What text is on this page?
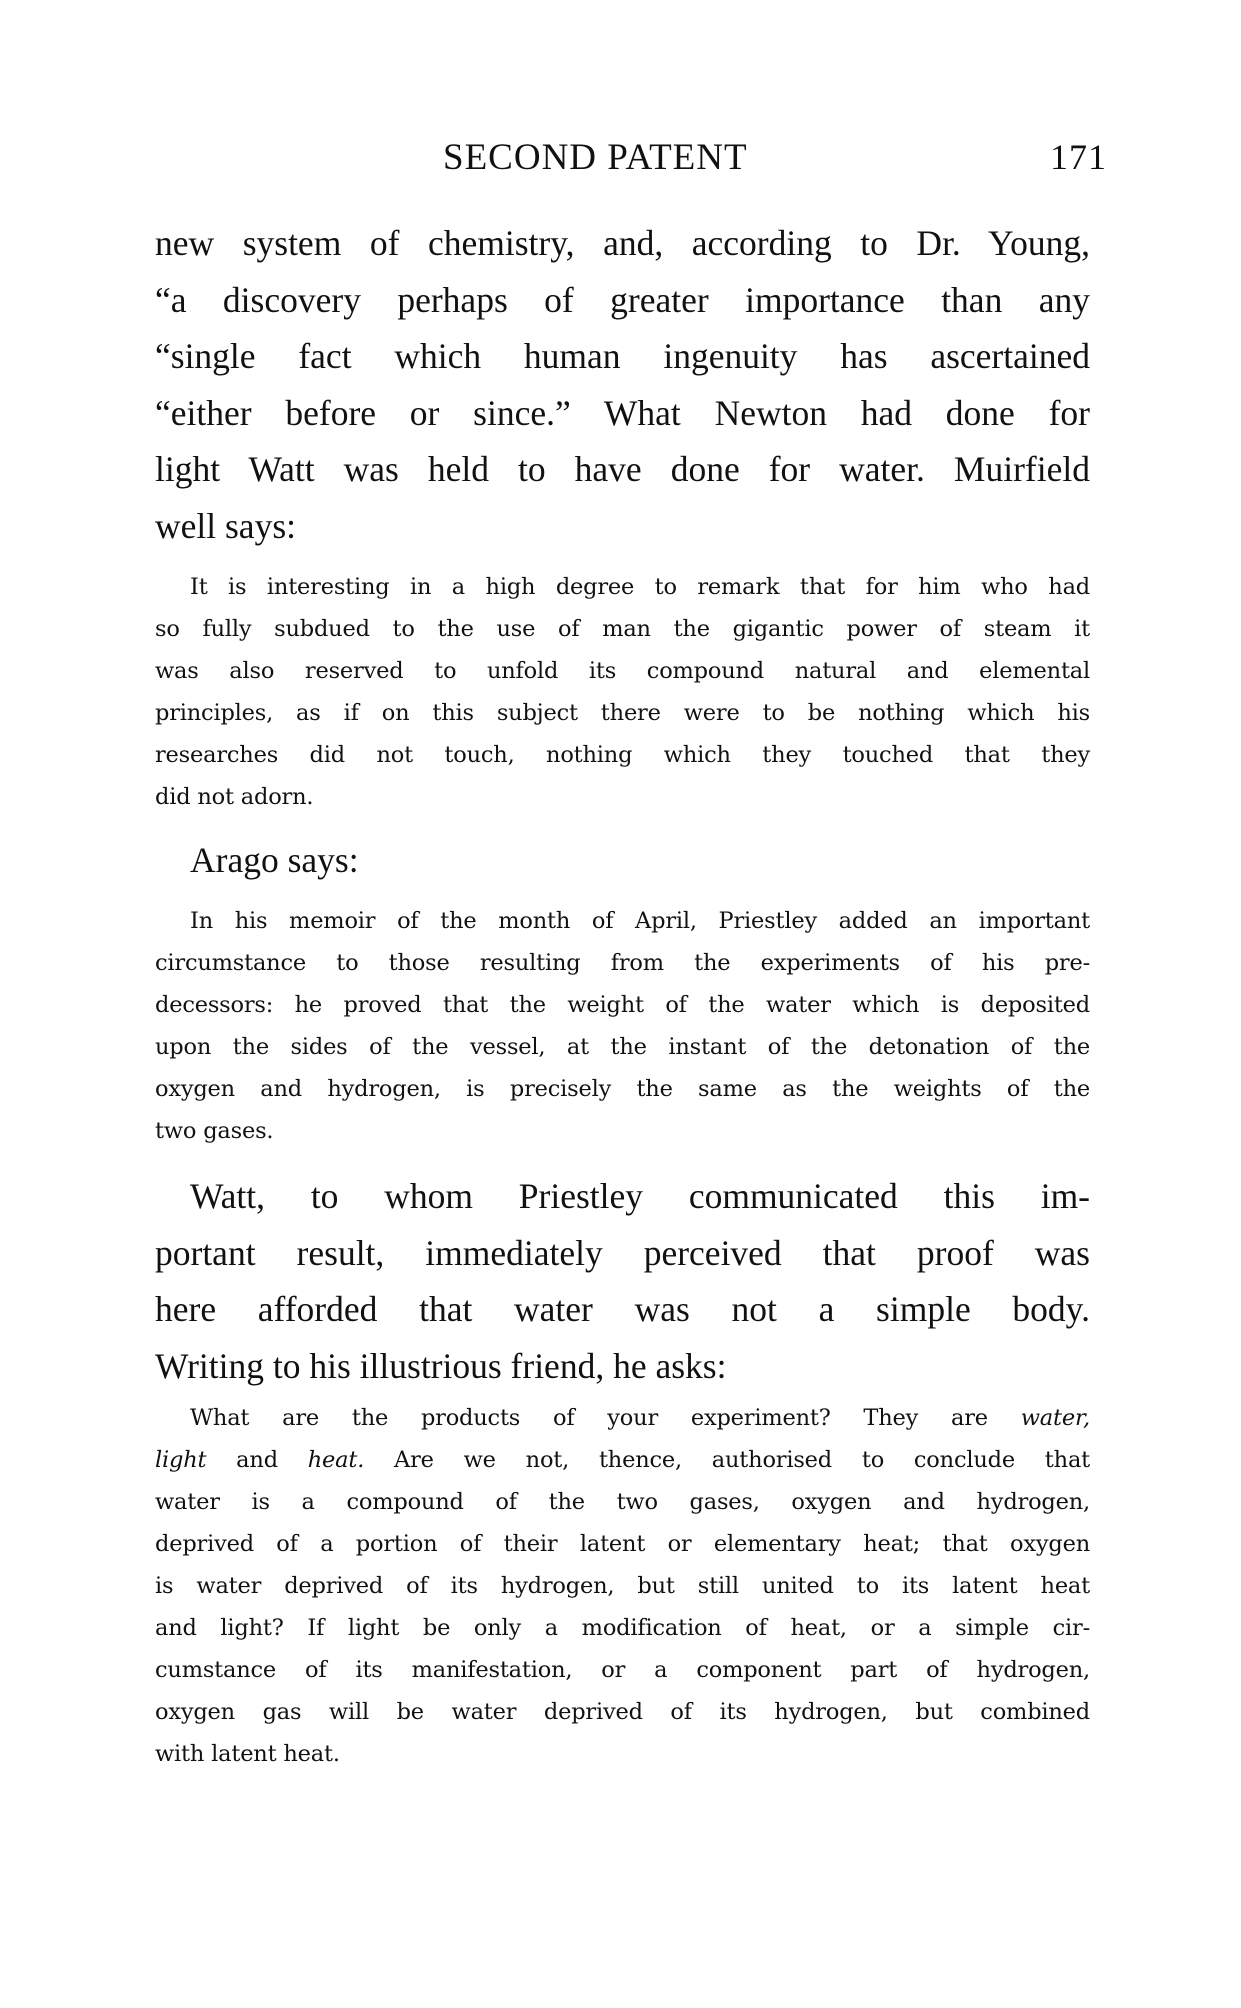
SECOND PATENT	171
new system of chemistry, and, according to Dr. Young,
“a discovery perhaps of greater importance than any
“single fact which human ingenuity has ascertained
“either before or since.” What Newton had done for
light Watt was held to have done for water. Muirfield
well says:
It is interesting in a high degree to remark that for him who had
so fully subdued to the use of man the gigantic power of steam it
was also reserved to unfold its compound natural and elemental
principles, as if on this subject there were to be nothing which his
researches did not touch, nothing which they touched that they
did not adorn.
Arago says:
In his memoir of the month of April, Priestley added an important
circumstance to those resulting from the experiments of his pre-
decessors: he proved that the weight of the water which is deposited
upon the sides of the vessel, at the instant of the detonation of the
oxygen and hydrogen, is precisely the same as the weights of the
two gases.
Watt, to whom Priestley communicated this im-
portant result, immediately perceived that proof was
here afforded that water was not a simple body.
Writing to his illustrious friend, he asks:
What are the products of your experiment? They are water,
light and heat. Are we not, thence, authorised to conclude that
water is a compound of the two gases, oxygen and hydrogen,
deprived of a portion of their latent or elementary heat; that oxygen
is water deprived of its hydrogen, but still united to its latent heat
and light? If light be only a modification of heat, or a simple cir-
cumstance of its manifestation, or a component part of hydrogen,
oxygen gas will be water deprived of its hydrogen, but combined
with latent heat.
